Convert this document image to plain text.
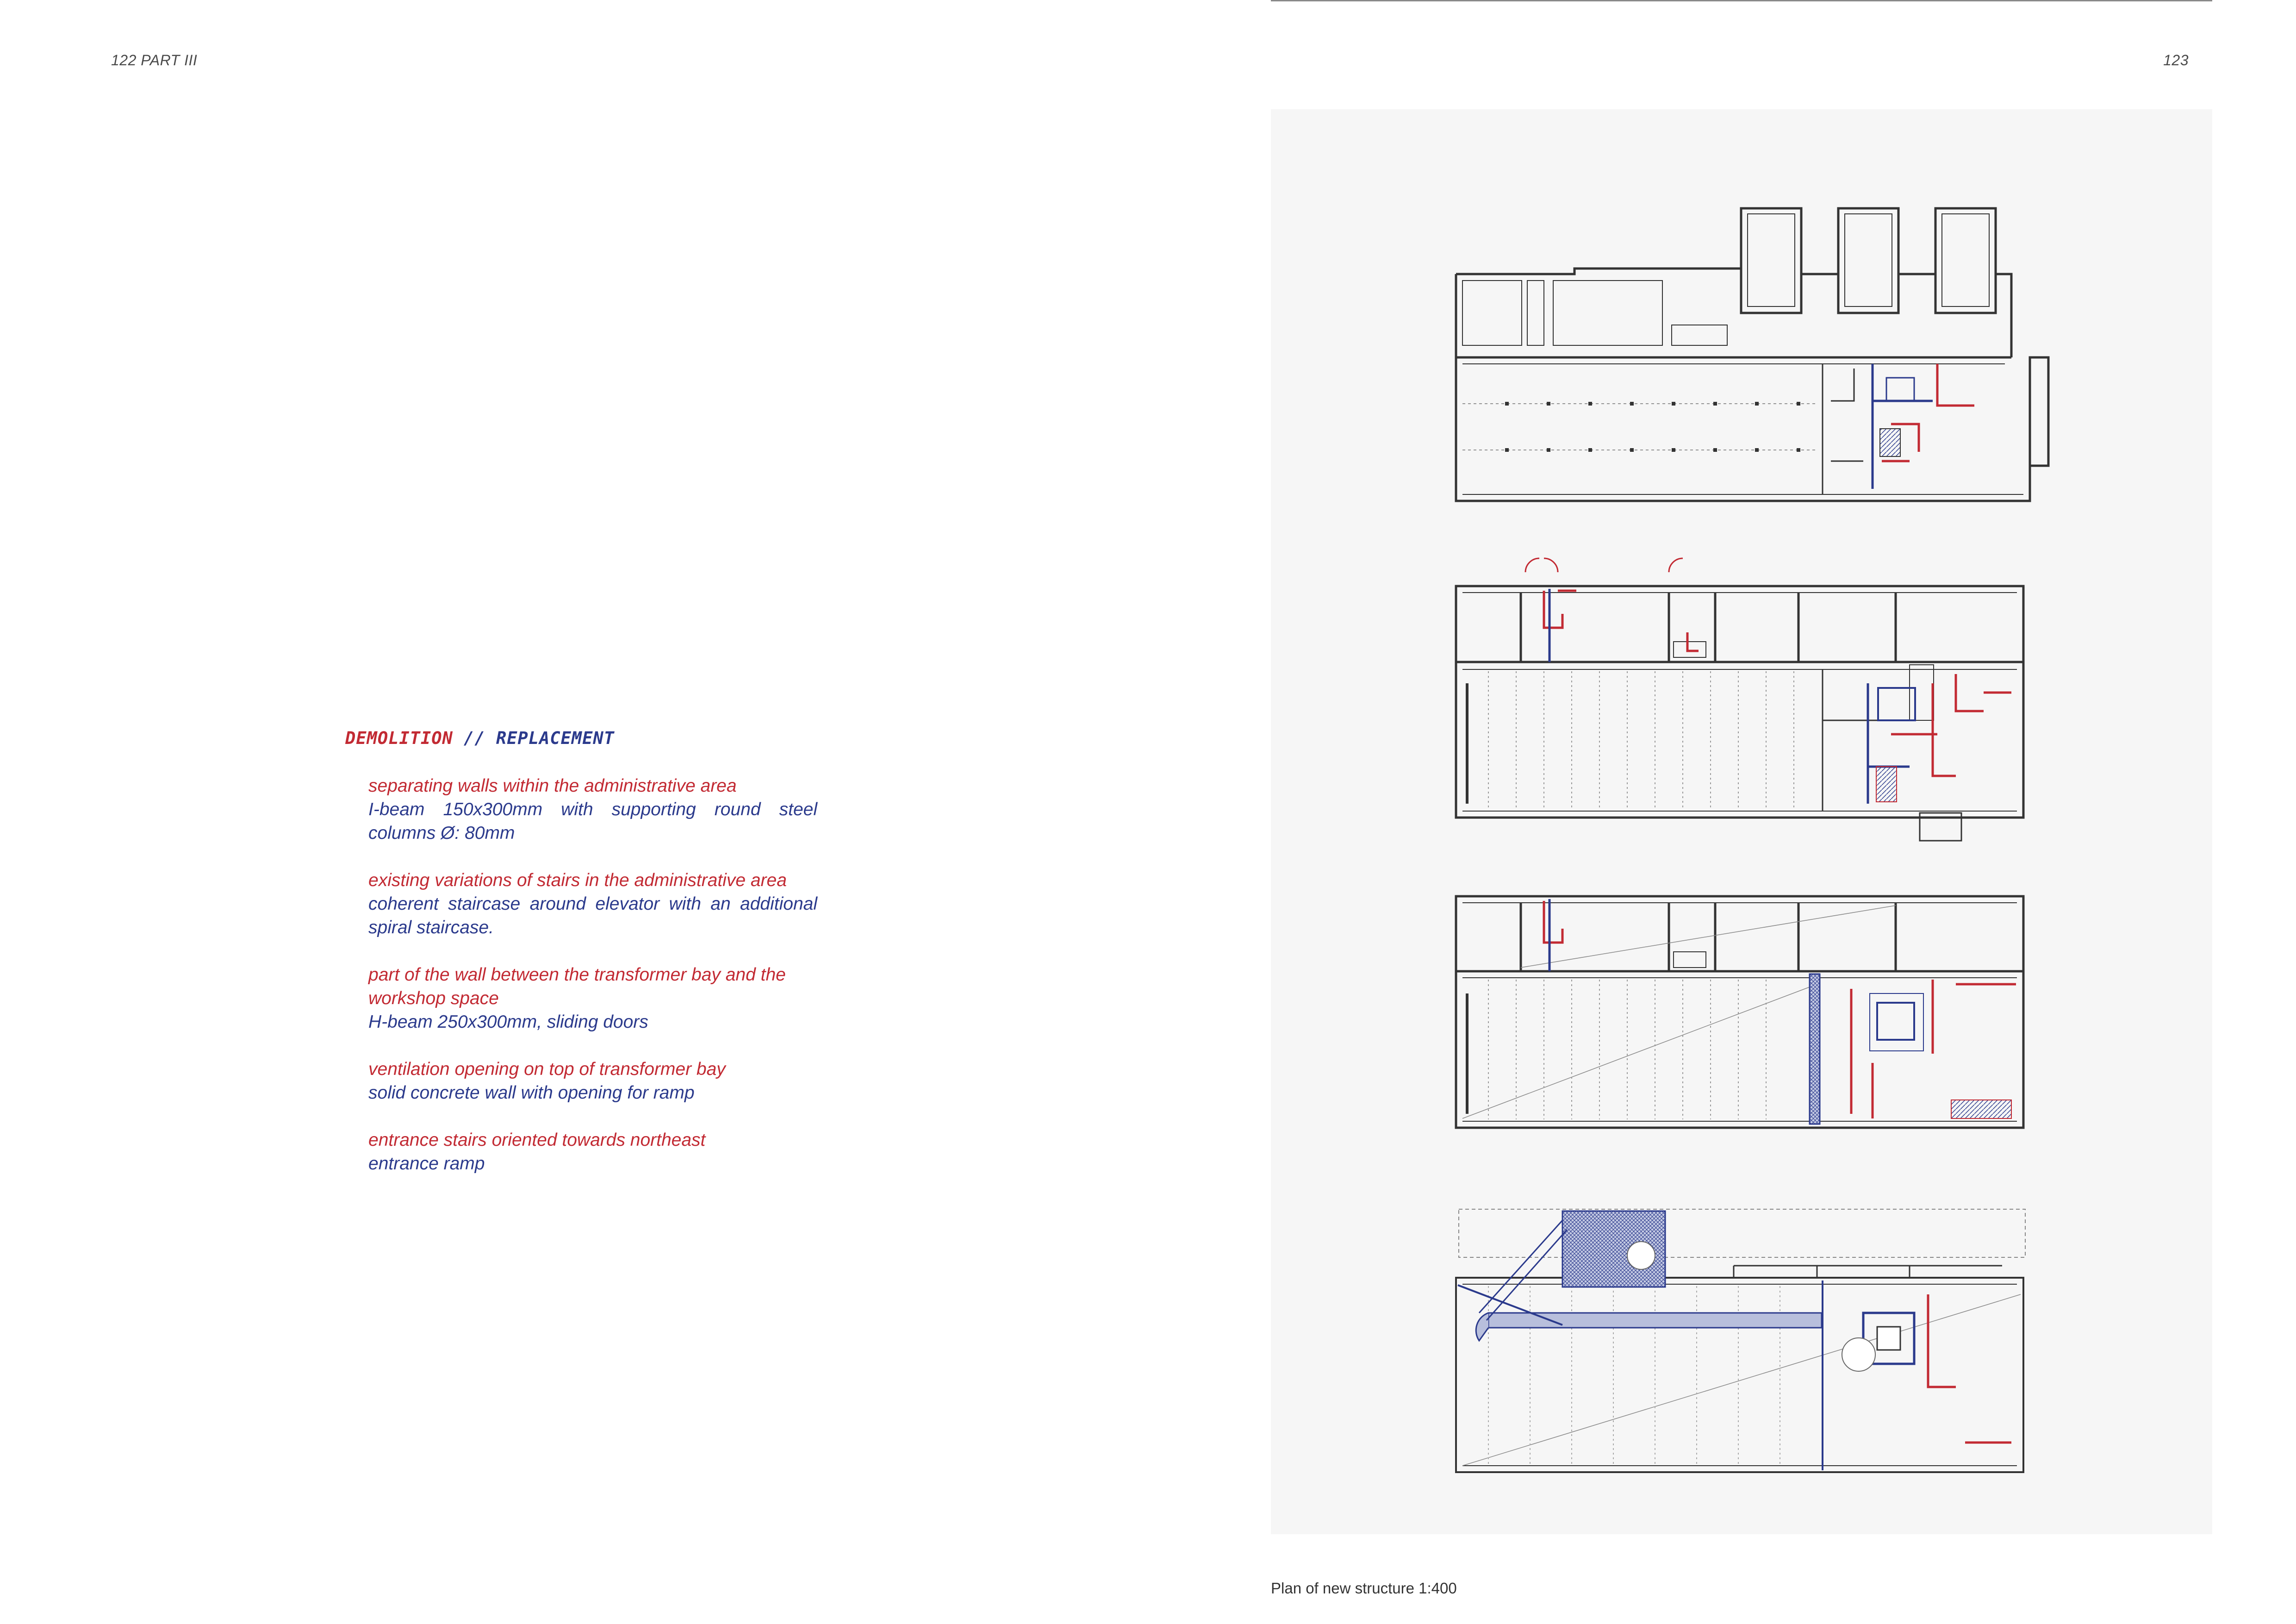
122 PART III	123
DEMOLITION // REPLACEMENT
separating walls within the administrative area
I-beam 150x300mm with supporting round steel columns Ø: 80mm
existing variations of stairs in the administrative area
coherent staircase around elevator with an additional spiral staircase.
part of the wall between the transformer bay and the workshop space
H-beam 250x300mm, sliding doors
ventilation opening on top of transformer bay
solid concrete wall with opening for ramp
entrance stairs oriented towards northeast
entrance ramp
Plan of new structure 1:400
